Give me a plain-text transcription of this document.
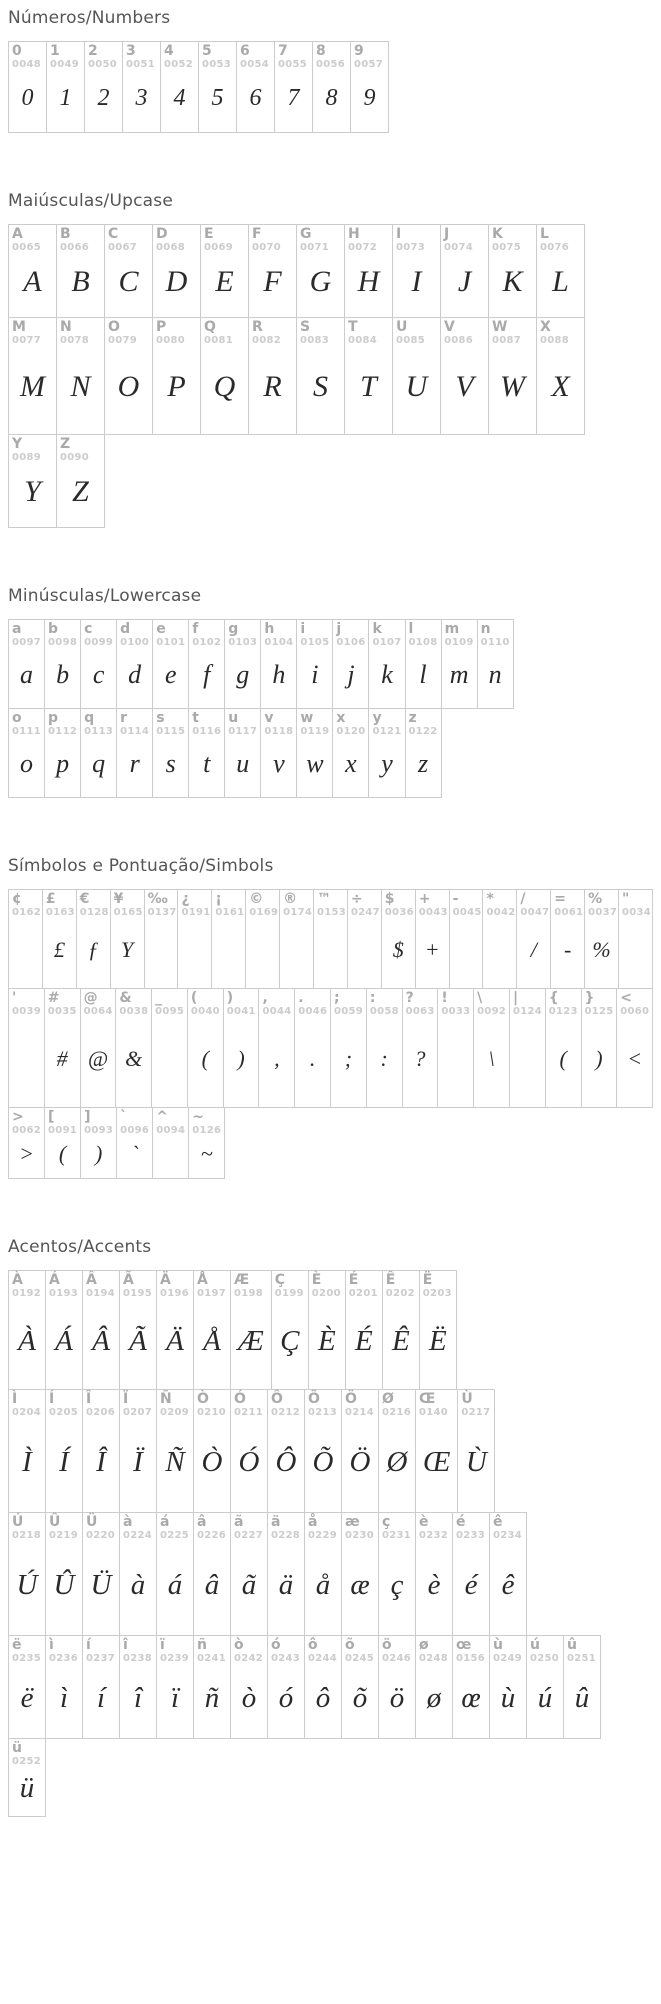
Números/Numbers
0
0048
0
1
0049
1
2
0050
2
3
0051
3
4
0052
4
5
0053
5
6
0054
6
7
0055
7
8
0056
8
9
0057
9
Maiúsculas/Upcase
A
0065
A
B
0066
B
C
0067
C
D
0068
D
E
0069
E
F
0070
F
G
0071
G
H
0072
H
I
0073
I
J
0074
J
K
0075
K
L
0076
L
M
0077
M
N
0078
N
O
0079
O
P
0080
P
Q
0081
Q
R
0082
R
S
0083
S
T
0084
T
U
0085
U
V
0086
V
W
0087
W
X
0088
X
Y
0089
Y
Z
0090
Z
Minúsculas/Lowercase
a
0097
a
b
0098
b
c
0099
c
d
0100
d
e
0101
e
f
0102
f
g
0103
g
h
0104
h
i
0105
i
j
0106
j
k
0107
k
l
0108
l
m
0109
m
n
0110
n
o
0111
o
p
0112
p
q
0113
q
r
0114
r
s
0115
s
t
0116
t
u
0117
u
v
0118
v
w
0119
w
x
0120
x
y
0121
y
z
0122
z
Símbolos e Pontuação/Simbols
¢
0162
£
0163
£
€
0128
ƒ
¥
0165
Y
‰
0137
¿
0191
¡
0161
©
0169
®
0174
™
0153
÷
0247
$
0036
$
+
0043
+
-
0045
*
0042
/
0047
/
=
0061
-
%
0037
%
"
0034
'
0039
#
0035
#
@
0064
@
&
0038
&
_
0095
(
0040
(
)
0041
)
,
0044
,
.
0046
.
;
0059
;
:
0058
:
?
0063
?
!
0033
\
0092
\
|
0124
{
0123
(
}
0125
)
<
0060
<
>
0062
>
[
0091
(
]
0093
)
`
0096
`
^
0094
~
0126
~
Acentos/Accents
À
0192
À
Á
0193
Á
Â
0194
Â
Ã
0195
Ã
Ä
0196
Ä
Å
0197
Å
Æ
0198
Æ
Ç
0199
Ç
È
0200
È
É
0201
É
Ê
0202
Ê
Ë
0203
Ë
Ì
0204
Ì
Í
0205
Í
Î
0206
Î
Ï
0207
Ï
Ñ
0209
Ñ
Ò
0210
Ò
Ó
0211
Ó
Ô
0212
Ô
Õ
0213
Õ
Ö
0214
Ö
Ø
0216
Ø
Œ
0140
Œ
Ù
0217
Ù
Ú
0218
Ú
Û
0219
Û
Ü
0220
Ü
à
0224
à
á
0225
á
â
0226
â
ã
0227
ã
ä
0228
ä
å
0229
å
æ
0230
æ
ç
0231
ç
è
0232
è
é
0233
é
ê
0234
ê
ë
0235
ë
ì
0236
ì
í
0237
í
î
0238
î
ï
0239
ï
ñ
0241
ñ
ò
0242
ò
ó
0243
ó
ô
0244
ô
õ
0245
õ
ö
0246
ö
ø
0248
ø
œ
0156
œ
ù
0249
ù
ú
0250
ú
û
0251
û
ü
0252
ü
